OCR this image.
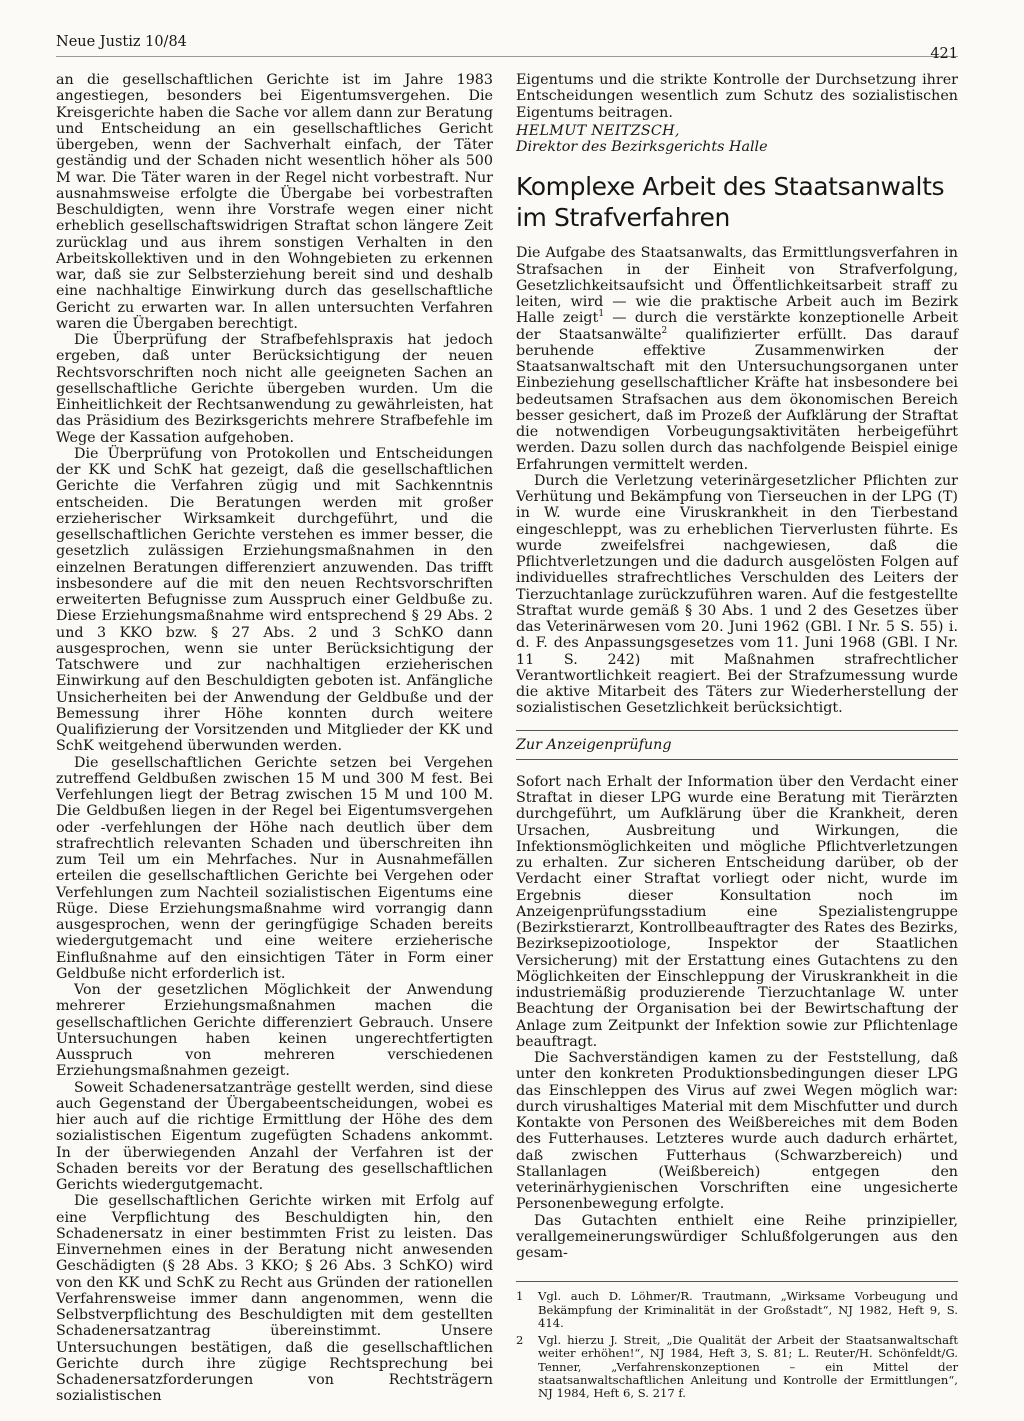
Neue Justiz 10/84
421

an die gesellschaftlichen Gerichte ist im Jahre 1983 angestiegen, besonders bei Eigentumsvergehen. Die Kreisgerichte haben die Sache vor allem dann zur Beratung und Entscheidung an ein gesellschaftliches Gericht übergeben, wenn der Sachverhalt einfach, der Täter geständig und der Schaden nicht wesentlich höher als 500 M war. Die Täter waren in der Regel nicht vorbestraft. Nur ausnahmsweise erfolgte die Übergabe bei vorbestraften Beschuldigten, wenn ihre Vorstrafe wegen einer nicht erheblich gesellschaftswidrigen Straftat schon längere Zeit zurücklag und aus ihrem sonstigen Verhalten in den Arbeitskollektiven und in den Wohngebieten zu erkennen war, daß sie zur Selbsterziehung bereit sind und deshalb eine nachhaltige Einwirkung durch das gesellschaftliche Gericht zu erwarten war. In allen untersuchten Verfahren waren die Übergaben berechtigt.

Die Überprüfung der Strafbefehlspraxis hat jedoch ergeben, daß unter Berücksichtigung der neuen Rechtsvorschriften noch nicht alle geeigneten Sachen an gesellschaftliche Gerichte übergeben wurden. Um die Einheitlichkeit der Rechtsanwendung zu gewährleisten, hat das Präsidium des Bezirksgerichts mehrere Strafbefehle im Wege der Kassation aufgehoben.

Die Überprüfung von Protokollen und Entscheidungen der KK und SchK hat gezeigt, daß die gesellschaftlichen Gerichte die Verfahren zügig und mit Sachkenntnis entscheiden. Die Beratungen werden mit großer erzieherischer Wirksamkeit durchgeführt, und die gesellschaftlichen Gerichte verstehen es immer besser, die gesetzlich zulässigen Erziehungsmaßnahmen in den einzelnen Beratungen differenziert anzuwenden. Das trifft insbesondere auf die mit den neuen Rechtsvorschriften erweiterten Befugnisse zum Ausspruch einer Geldbuße zu. Diese Erziehungsmaßnahme wird entsprechend § 29 Abs. 2 und 3 KKO bzw. § 27 Abs. 2 und 3 SchKO dann ausgesprochen, wenn sie unter Berücksichtigung der Tatschwere und zur nachhaltigen erzieherischen Einwirkung auf den Beschuldigten geboten ist. Anfängliche Unsicherheiten bei der Anwendung der Geldbuße und der Bemessung ihrer Höhe konnten durch weitere Qualifizierung der Vorsitzenden und Mitglieder der KK und SchK weitgehend überwunden werden.

Die gesellschaftlichen Gerichte setzen bei Vergehen zutreffend Geldbußen zwischen 15 M und 300 M fest. Bei Verfehlungen liegt der Betrag zwischen 15 M und 100 M. Die Geldbußen liegen in der Regel bei Eigentumsvergehen oder -verfehlungen der Höhe nach deutlich über dem strafrechtlich relevanten Schaden und überschreiten ihn zum Teil um ein Mehrfaches. Nur in Ausnahmefällen erteilen die gesellschaftlichen Gerichte bei Vergehen oder Verfehlungen zum Nachteil sozialistischen Eigentums eine Rüge. Diese Erziehungsmaßnahme wird vorrangig dann ausgesprochen, wenn der geringfügige Schaden bereits wiedergutgemacht und eine weitere erzieherische Einflußnahme auf den einsichtigen Täter in Form einer Geldbuße nicht erforderlich ist.

Von der gesetzlichen Möglichkeit der Anwendung mehrerer Erziehungsmaßnahmen machen die gesellschaftlichen Gerichte differenziert Gebrauch. Unsere Untersuchungen haben keinen ungerechtfertigten Ausspruch von mehreren verschiedenen Erziehungsmaßnahmen gezeigt.

Soweit Schadenersatzanträge gestellt werden, sind diese auch Gegenstand der Übergabeentscheidungen, wobei es hier auch auf die richtige Ermittlung der Höhe des dem sozialistischen Eigentum zugefügten Schadens ankommt. In der überwiegenden Anzahl der Verfahren ist der Schaden bereits vor der Beratung des gesellschaftlichen Gerichts wiedergutgemacht.

Die gesellschaftlichen Gerichte wirken mit Erfolg auf eine Verpflichtung des Beschuldigten hin, den Schadenersatz in einer bestimmten Frist zu leisten. Das Einvernehmen eines in der Beratung nicht anwesenden Geschädigten (§ 28 Abs. 3 KKO; § 26 Abs. 3 SchKO) wird von den KK und SchK zu Recht aus Gründen der rationellen Verfahrensweise immer dann angenommen, wenn die Selbstverpflichtung des Beschuldigten mit dem gestellten Schadenersatzantrag übereinstimmt. Unsere Untersuchungen bestätigen, daß die gesellschaftlichen Gerichte durch ihre zügige Rechtsprechung bei Schadenersatzforderungen von Rechtsträgern sozialistischen

Eigentums und die strikte Kontrolle der Durchsetzung ihrer Entscheidungen wesentlich zum Schutz des sozialistischen Eigentums beitragen.

HELMUT NEITZSCH,
Direktor des Bezirksgerichts Halle
Komplexe Arbeit des Staatsanwalts im Strafverfahren

Die Aufgabe des Staatsanwalts, das Ermittlungsverfahren in Strafsachen in der Einheit von Strafverfolgung, Gesetzlichkeitsaufsicht und Öffentlichkeitsarbeit straff zu leiten, wird — wie die praktische Arbeit auch im Bezirk Halle zeigt$^1$ — durch die verstärkte konzeptionelle Arbeit der Staatsanwälte$^2$ qualifizierter erfüllt. Das darauf beruhende effektive Zusammenwirken der Staatsanwaltschaft mit den Untersuchungsorganen unter Einbeziehung gesellschaftlicher Kräfte hat insbesondere bei bedeutsamen Strafsachen aus dem ökonomischen Bereich besser gesichert, daß im Prozeß der Aufklärung der Straftat die notwendigen Vorbeugungsaktivitäten herbeigeführt werden. Dazu sollen durch das nachfolgende Beispiel einige Erfahrungen vermittelt werden.

Durch die Verletzung veterinärgesetzlicher Pflichten zur Verhütung und Bekämpfung von Tierseuchen in der LPG (T) in W. wurde eine Viruskrankheit in den Tierbestand eingeschleppt, was zu erheblichen Tierverlusten führte. Es wurde zweifelsfrei nachgewiesen, daß die Pflichtverletzungen und die dadurch ausgelösten Folgen auf individuelles strafrechtliches Verschulden des Leiters der Tierzuchtanlage zurückzuführen waren. Auf die festgestellte Straftat wurde gemäß § 30 Abs. 1 und 2 des Gesetzes über das Veterinärwesen vom 20. Juni 1962 (GBl. I Nr. 5 S. 55) i. d. F. des Anpassungsgesetzes vom 11. Juni 1968 (GBl. I Nr. 11 S. 242) mit Maßnahmen strafrechtlicher Verantwortlichkeit reagiert. Bei der Strafzumessung wurde die aktive Mitarbeit des Täters zur Wiederherstellung der sozialistischen Gesetzlichkeit berücksichtigt.

Zur Anzeigenprüfung

Sofort nach Erhalt der Information über den Verdacht einer Straftat in dieser LPG wurde eine Beratung mit Tierärzten durchgeführt, um Aufklärung über die Krankheit, deren Ursachen, Ausbreitung und Wirkungen, die Infektionsmöglichkeiten und mögliche Pflichtverletzungen zu erhalten. Zur sicheren Entscheidung darüber, ob der Verdacht einer Straftat vorliegt oder nicht, wurde im Ergebnis dieser Konsultation noch im Anzeigenprüfungsstadium eine Spezialistengruppe (Bezirkstierarzt, Kontrollbeauftragter des Rates des Bezirks, Bezirksepizootiologe, Inspektor der Staatlichen Versicherung) mit der Erstattung eines Gutachtens zu den Möglichkeiten der Einschleppung der Viruskrankheit in die industriemäßig produzierende Tierzuchtanlage W. unter Beachtung der Organisation bei der Bewirtschaftung der Anlage zum Zeitpunkt der Infektion sowie zur Pflichtenlage beauftragt.

Die Sachverständigen kamen zu der Feststellung, daß unter den konkreten Produktionsbedingungen dieser LPG das Einschleppen des Virus auf zwei Wegen möglich war: durch virushaltiges Material mit dem Mischfutter und durch Kontakte von Personen des Weißbereiches mit dem Boden des Futterhauses. Letzteres wurde auch dadurch erhärtet, daß zwischen Futterhaus (Schwarzbereich) und Stallanlagen (Weißbereich) entgegen den veterinärhygienischen Vorschriften eine ungesicherte Personenbewegung erfolgte.

Das Gutachten enthielt eine Reihe prinzipieller, verallgemeinerungswürdiger Schlußfolgerungen aus den gesam-

1 Vgl. auch D. Löhmer/R. Trautmann, „Wirksame Vorbeugung und Bekämpfung der Kriminalität in der Großstadt“, NJ 1982, Heft 9, S. 414.
2 Vgl. hierzu J. Streit, „Die Qualität der Arbeit der Staatsanwaltschaft weiter erhöhen!“, NJ 1984, Heft 3, S. 81; L. Reuter/H. Schönfeldt/G. Tenner, „Verfahrenskonzeptionen – ein Mittel der staatsanwaltschaftlichen Anleitung und Kontrolle der Ermittlungen“, NJ 1984, Heft 6, S. 217 f.
